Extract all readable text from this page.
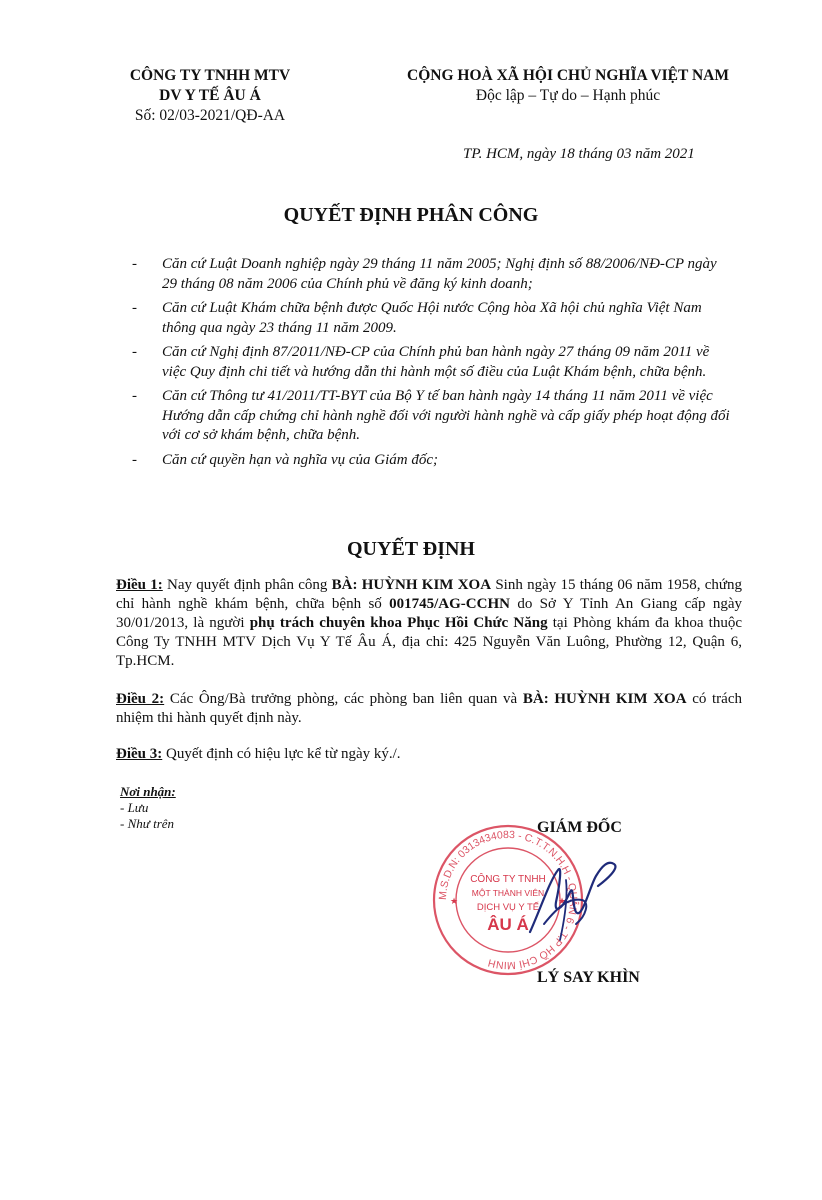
CÔNG TY TNHH MTV
DV Y TẾ ÂU Á
Số: 02/03-2021/QĐ-AA
CỘNG HOÀ XÃ HỘI CHỦ NGHĨA VIỆT NAM
Độc lập – Tự do – Hạnh phúc
TP. HCM, ngày 18 tháng 03 năm 2021
QUYẾT ĐỊNH PHÂN CÔNG
- Căn cứ Luật Doanh nghiệp ngày 29 tháng 11 năm 2005; Nghị định số 88/2006/NĐ-CP ngày 29 tháng 08 năm 2006 của Chính phủ về đăng ký kinh doanh;
- Căn cứ Luật Khám chữa bệnh được Quốc Hội nước Cộng hòa Xã hội chủ nghĩa Việt Nam thông qua ngày 23 tháng 11 năm 2009.
- Căn cứ Nghị định 87/2011/NĐ-CP của Chính phủ ban hành ngày 27 tháng 09 năm 2011 về việc Quy định chi tiết và hướng dẫn thi hành một số điều của Luật Khám bệnh, chữa bệnh.
- Căn cứ Thông tư 41/2011/TT-BYT của Bộ Y tế ban hành ngày 14 tháng 11 năm 2011 về việc Hướng dẫn cấp chứng chỉ hành nghề đối với người hành nghề và cấp giấy phép hoạt động đối với cơ sở khám bệnh, chữa bệnh.
- Căn cứ quyền hạn và nghĩa vụ của Giám đốc;
QUYẾT ĐỊNH
Điều 1: Nay quyết định phân công BÀ: HUỲNH KIM XOA Sinh ngày 15 tháng 06 năm 1958, chứng chỉ hành nghề khám bệnh, chữa bệnh số 001745/AG-CCHN do Sở Y Tỉnh An Giang cấp ngày 30/01/2013, là người phụ trách chuyên khoa Phục Hồi Chức Năng tại Phòng khám đa khoa thuộc Công Ty TNHH MTV Dịch Vụ Y Tế Âu Á, địa chỉ: 425 Nguyễn Văn Luông, Phường 12, Quận 6, Tp.HCM.
Điều 2: Các Ông/Bà trưởng phòng, các phòng ban liên quan và BÀ: HUỲNH KIM XOA có trách nhiệm thi hành quyết định này.
Điều 3: Quyết định có hiệu lực kể từ ngày ký./.
Nơi nhận:
- Lưu
- Như trên	GIÁM ĐỐC
M.S.D.N: 0313434083 - C.T.T.N.H.H - QUẬN 6 - T.P HỒ CHÍ MINH
CÔNG TY TNHH
MỘT THÀNH VIÊN
DỊCH VỤ Y TẾ
ÂU Á
★	★
LÝ SAY KHÌN
